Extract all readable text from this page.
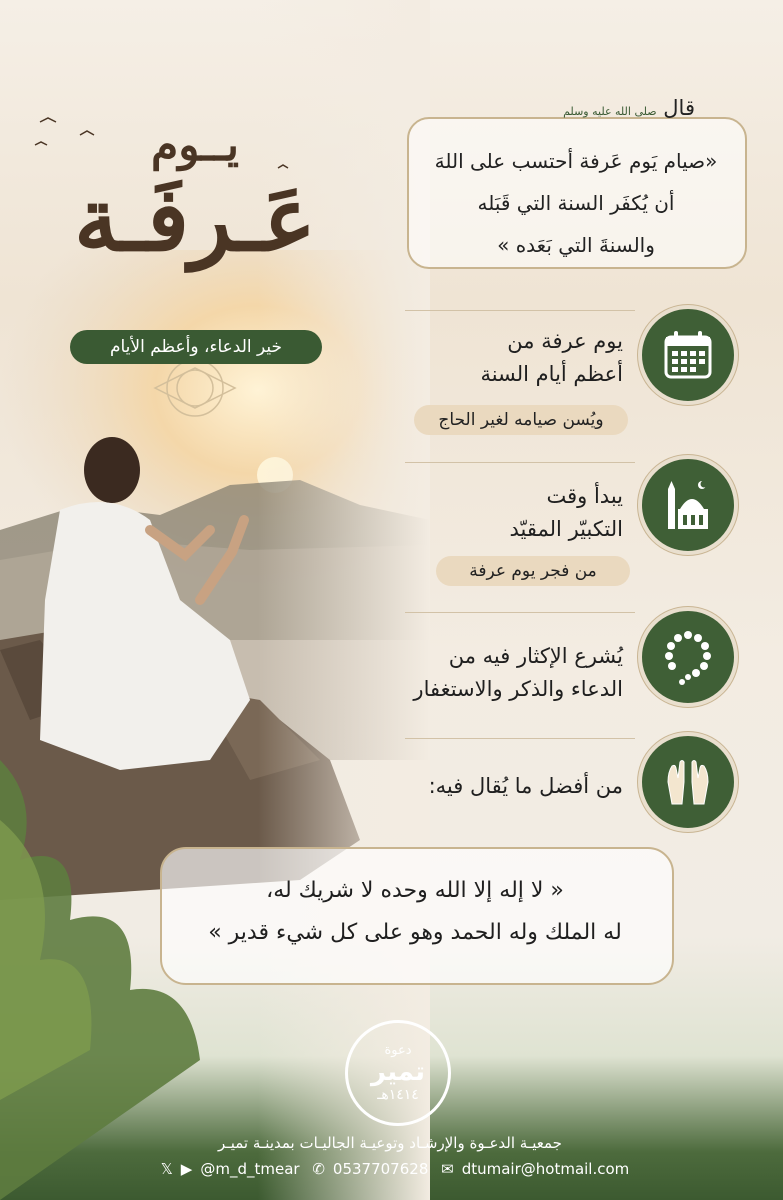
يــوم
عَـرفَـة
خير الدعاء، وأعظم الأيام
قال صلى الله عليه وسلم
«صيام يَوم عَرفة أحتسب على اللهَ
أن يُكفَر السنة التي قَبَله
والسنةَ التي بَعَده »
يوم عرفة من
أعظم أيام السنة
ويُسن صيامه لغير الحاج
يبدأ وقت
التكبيّر المقيّد
من فجر يوم عرفة
يُشرع الإكثار فيه من
الدعاء والذكر والاستغفار
من أفضل ما يُقال فيه:
« لا إله إلا الله وحده لا شريك له،
له الملك وله الحمد وهو على كل شيء قدير »
دعوة
تمير
١٤١٤هـ
جمعيـة الدعـوة والإرشـاد وتوعيـة الجاليـات بمدينـة تميـر
𝕏 ▶ @m_d_tmear ✆ 0537707628 ✉ dtumair@hotmail.com
